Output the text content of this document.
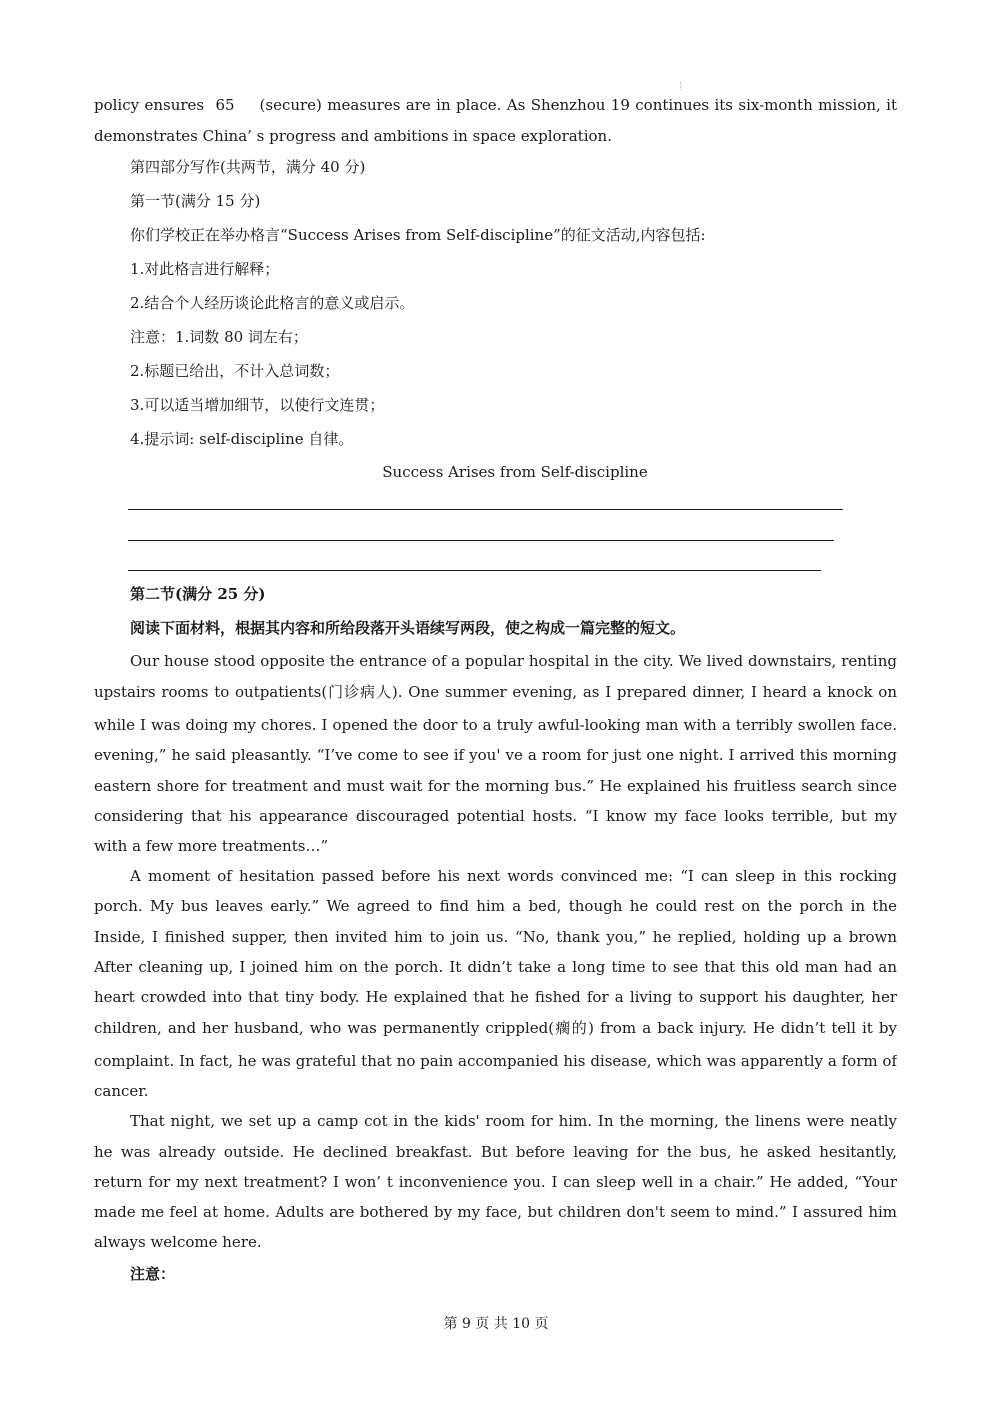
policy ensures 65 (secure) measures are in place. As Shenzhou 19 continues its six-month mission, it
demonstrates China’ s progress and ambitions in space exploration.
第四部分写作(共两节，满分 40 分)
第一节(满分 15 分)
你们学校正在举办格言“Success Arises from Self-discipline”的征文活动,内容包括:
1.对此格言进行解释；
2.结合个人经历谈论此格言的意义或启示。
注意：1.词数 80 词左右；
2.标题已给出，不计入总词数；
3.可以适当增加细节，以使行文连贯；
4.提示词: self-discipline 自律。
Success Arises from Self-discipline
第二节(满分 25 分)
阅读下面材料，根据其内容和所给段落开头语续写两段，使之构成一篇完整的短文。
Our house stood opposite the entrance of a popular hospital in the city. We lived downstairs, renting
upstairs rooms to outpatients(门诊病人). One summer evening, as I prepared dinner, I heard a knock on
while I was doing my chores. I opened the door to a truly awful-looking man with a terribly swollen face.
evening,” he said pleasantly. “I’ve come to see if you' ve a room for just one night. I arrived this morning
eastern shore for treatment and must wait for the morning bus.” He explained his fruitless search since
considering that his appearance discouraged potential hosts. “I know my face looks terrible, but my
with a few more treatments…”
A moment of hesitation passed before his next words convinced me: “I can sleep in this rocking
porch. My bus leaves early.” We agreed to find him a bed, though he could rest on the porch in the
Inside, I finished supper, then invited him to join us. “No, thank you,” he replied, holding up a brown
After cleaning up, I joined him on the porch. It didn’t take a long time to see that this old man had an
heart crowded into that tiny body. He explained that he fished for a living to support his daughter, her
children, and her husband, who was permanently crippled(瘸的) from a back injury. He didn’t tell it by
complaint. In fact, he was grateful that no pain accompanied his disease, which was apparently a form of
cancer.
That night, we set up a camp cot in the kids' room for him. In the morning, the linens were neatly
he was already outside. He declined breakfast. But before leaving for the bus, he asked hesitantly,
return for my next treatment? I won’ t inconvenience you. I can sleep well in a chair.” He added, “Your
made me feel at home. Adults are bothered by my face, but children don't seem to mind.” I assured him
always welcome here.
注意：
第 9 页 共 10 页
